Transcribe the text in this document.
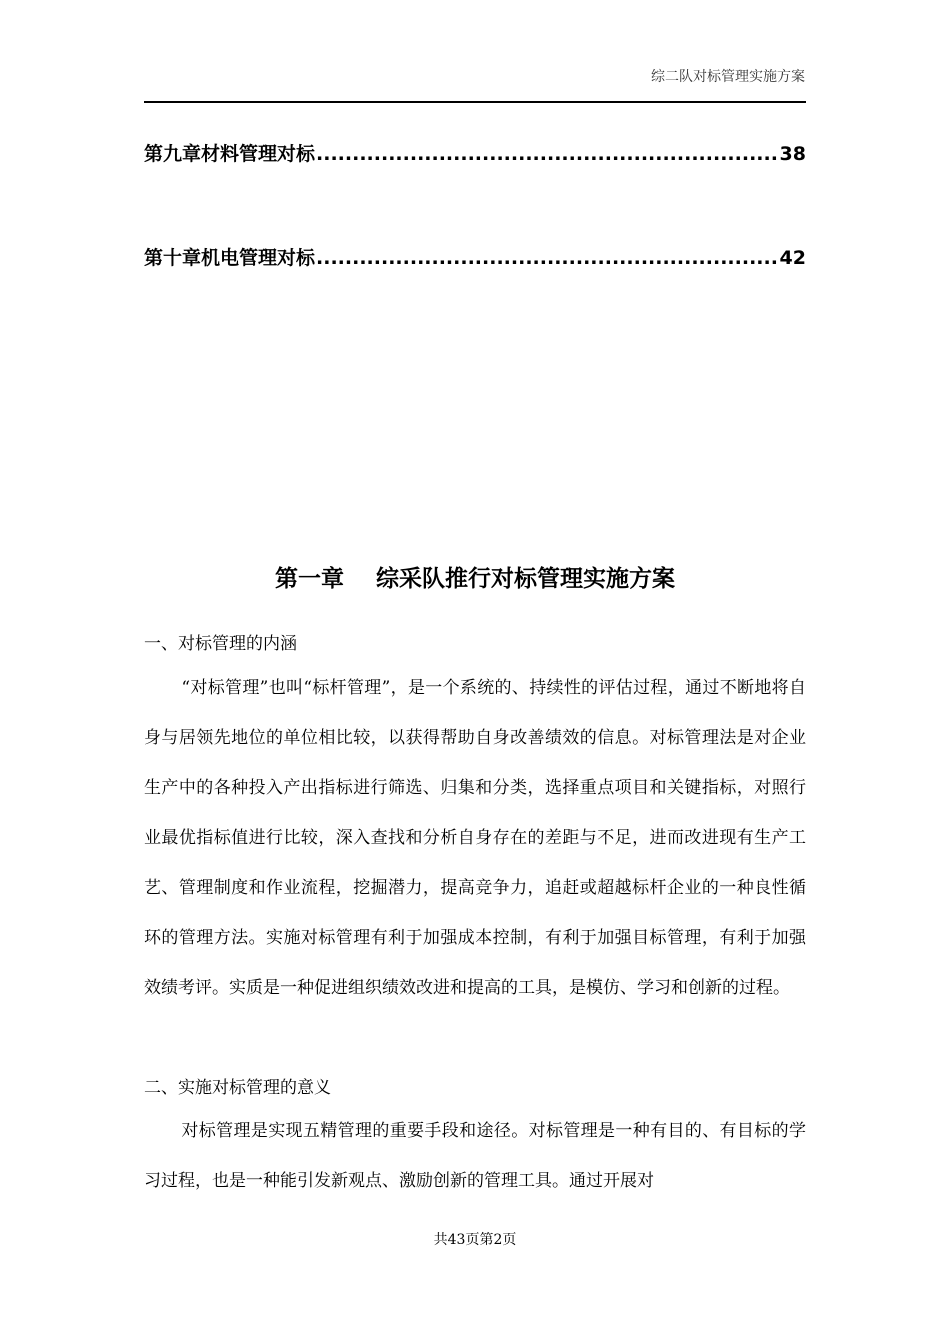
综二队对标管理实施方案
第九章材料管理对标 .....	38
第十章机电管理对标 .....	42
第一章    综采队推行对标管理实施方案
一、对标管理的内涵

“对标管理”也叫“标杆管理”，是一个系统的、持续性的评估过程，通过不断地将自身与居领先地位的单位相比较，以获得帮助自身改善绩效的信息。对标管理法是对企业生产中的各种投入产出指标进行筛选、归集和分类，选择重点项目和关键指标，对照行业最优指标值进行比较，深入查找和分析自身存在的差距与不足，进而改进现有生产工艺、管理制度和作业流程，挖掘潜力，提高竞争力，追赶或超越标杆企业的一种良性循环的管理方法。实施对标管理有利于加强成本控制，有利于加强目标管理，有利于加强效绩考评。实质是一种促进组织绩效改进和提高的工具，是模仿、学习和创新的过程。

二、实施对标管理的意义

对标管理是实现五精管理的重要手段和途径。对标管理是一种有目的、有目标的学习过程，也是一种能引发新观点、激励创新的管理工具。通过开展对

共43页第2页
